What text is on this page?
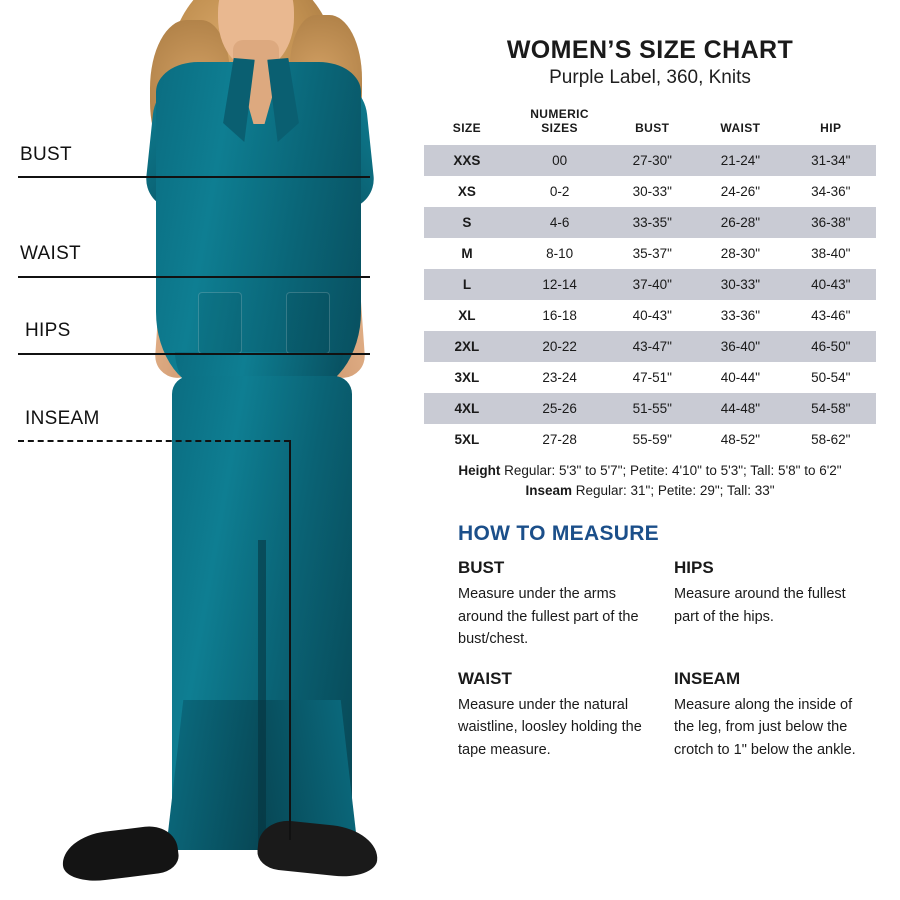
BUST
WAIST
HIPS
INSEAM
WOMEN’S SIZE CHART
Purple Label, 360, Knits
SIZE	NUMERIC SIZES	BUST	WAIST	HIP
XXS	00	27-30"	21-24"	31-34"
XS	0-2	30-33"	24-26"	34-36"
S	4-6	33-35"	26-28"	36-38"
M	8-10	35-37"	28-30"	38-40"
L	12-14	37-40"	30-33"	40-43"
XL	16-18	40-43"	33-36"	43-46"
2XL	20-22	43-47"	36-40"	46-50"
3XL	23-24	47-51"	40-44"	50-54"
4XL	25-26	51-55"	44-48"	54-58"
5XL	27-28	55-59"	48-52"	58-62"
Height Regular: 5'3" to 5'7"; Petite: 4'10" to 5'3"; Tall: 5'8" to 6'2"
Inseam Regular: 31"; Petite: 29"; Tall: 33"
HOW TO MEASURE
BUST
Measure under the arms around the fullest part of the bust/chest.
HIPS
Measure around the fullest part of the hips.
WAIST
Measure under the natural waistline, loosley holding the tape measure.
INSEAM
Measure along the inside of the leg, from just below the crotch to 1" below the ankle.
